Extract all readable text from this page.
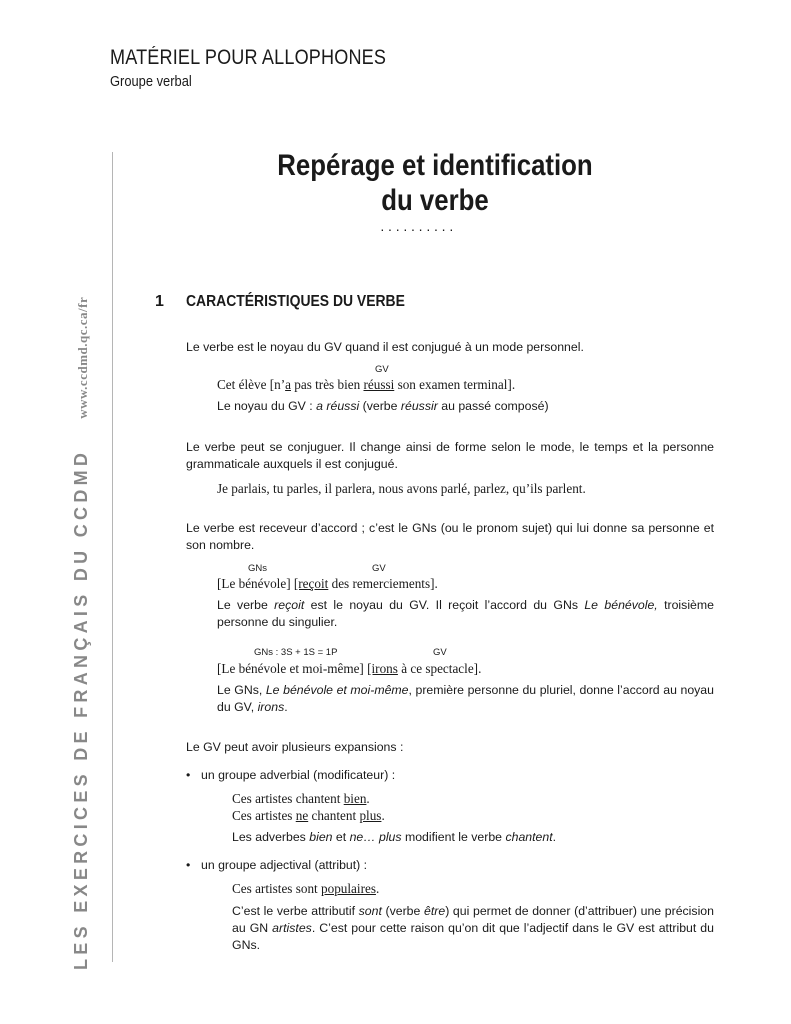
MATÉRIEL POUR ALLOPHONES
Groupe verbal
LES EXERCICES DE FRANÇAIS DU CCDMDwww.ccdmd.qc.ca/fr
Repérage et identification
du verbe
··········
1 CARACTÉRISTIQUES DU VERBE
Le verbe est le noyau du GV quand il est conjugué à un mode personnel.
GV
Cet élève [n’a pas très bien réussi son examen terminal].
Le noyau du GV : a réussi (verbe réussir au passé composé)
Le verbe peut se conjuguer. Il change ainsi de forme selon le mode, le temps et la personne grammaticale auxquels il est conjugué.
Je parlais, tu parles, il parlera, nous avons parlé, parlez, qu’ils parlent.
Le verbe est receveur d’accord ; c’est le GNs (ou le pronom sujet) qui lui donne sa personne et son nombre.
GNs	GV
[Le bénévole] [reçoit des remerciements].
Le verbe reçoit est le noyau du GV. Il reçoit l’accord du GNs Le bénévole, troisième personne du singulier.
GNs : 3S + 1S = 1P	GV
[Le bénévole et moi-même] [irons à ce spectacle].
Le GNs, Le bénévole et moi-même, première personne du pluriel, donne l’accord au noyau du GV, irons.
Le GV peut avoir plusieurs expansions :
• un groupe adverbial (modificateur) :
Ces artistes chantent bien.
Ces artistes ne chantent plus.
Les adverbes bien et ne… plus modifient le verbe chantent.
• un groupe adjectival (attribut) :
Ces artistes sont populaires.
C’est le verbe attributif sont (verbe être) qui permet de donner (d’attribuer) une précision au GN artistes. C’est pour cette raison qu’on dit que l’adjectif dans le GV est attribut du GNs.
